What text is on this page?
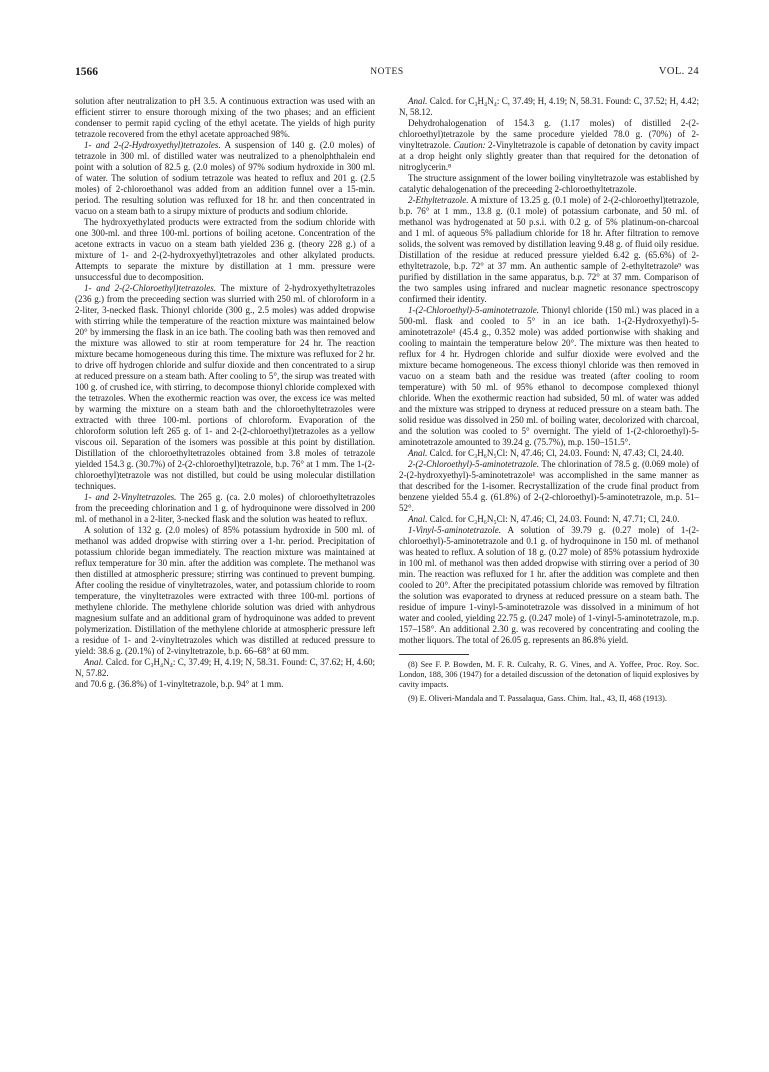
1566	NOTES	VOL. 24

solution after neutralization to pH 3.5. A continuous extraction was used with an efficient stirrer to ensure thorough mixing of the two phases; and an efficient condenser to permit rapid cycling of the ethyl acetate. The yields of high purity tetrazole recovered from the ethyl acetate approached 98%.

1- and 2-(2-Hydroxyethyl)tetrazoles. A suspension of 140 g. (2.0 moles) of tetrazole in 300 ml. of distilled water was neutralized to a phenolphthalein end point with a solution of 82.5 g. (2.0 moles) of 97% sodium hydroxide in 300 ml. of water. The solution of sodium tetrazole was heated to reflux and 201 g. (2.5 moles) of 2-chloroethanol was added from an addition funnel over a 15-min. period. The resulting solution was refluxed for 18 hr. and then concentrated in vacuo on a steam bath to a sirupy mixture of products and sodium chloride.

The hydroxyethylated products were extracted from the sodium chloride with one 300-ml. and three 100-ml. portions of boiling acetone. Concentration of the acetone extracts in vacuo on a steam bath yielded 236 g. (theory 228 g.) of a mixture of 1- and 2-(2-hydroxyethyl)tetrazoles and other alkylated products. Attempts to separate the mixture by distillation at 1 mm. pressure were unsuccessful due to decomposition.

1- and 2-(2-Chloroethyl)tetrazoles. The mixture of 2-hydroxyethyltetrazoles (236 g.) from the preceeding section was slurried with 250 ml. of chloroform in a 2-liter, 3-necked flask. Thionyl chloride (300 g., 2.5 moles) was added dropwise with stirring while the temperature of the reaction mixture was maintained below 20° by immersing the flask in an ice bath. The cooling bath was then removed and the mixture was allowed to stir at room temperature for 24 hr. The reaction mixture became homogeneous during this time. The mixture was refluxed for 2 hr. to drive off hydrogen chloride and sulfur dioxide and then concentrated to a sirup at reduced pressure on a steam bath. After cooling to 5°, the sirup was treated with 100 g. of crushed ice, with stirring, to decompose thionyl chloride complexed with the tetrazoles. When the exothermic reaction was over, the excess ice was melted by warming the mixture on a steam bath and the chloroethyltetrazoles were extracted with three 100-ml. portions of chloroform. Evaporation of the chloroform solution left 265 g. of 1- and 2-(2-chloroethyl)tetrazoles as a yellow viscous oil. Separation of the isomers was possible at this point by distillation. Distillation of the chloroethyltetrazoles obtained from 3.8 moles of tetrazole yielded 154.3 g. (30.7%) of 2-(2-chloroethyl)tetrazole, b.p. 76° at 1 mm. The 1-(2-chloroethyl)tetrazole was not distilled, but could be using molecular distillation techniques.

1- and 2-Vinyltetrazoles. The 265 g. (ca. 2.0 moles) of chloroethyltetrazoles from the preceeding chlorination and 1 g. of hydroquinone were dissolved in 200 ml. of methanol in a 2-liter, 3-necked flask and the solution was heated to reflux.

A solution of 132 g. (2.0 moles) of 85% potassium hydroxide in 500 ml. of methanol was added dropwise with stirring over a 1-hr. period. Precipitation of potassium chloride began immediately. The reaction mixture was maintained at reflux temperature for 30 min. after the addition was complete. The methanol was then distilled at atmospheric pressure; stirring was continued to prevent bumping. After cooling the residue of vinyltetrazoles, water, and potassium chloride to room temperature, the vinyltetrazoles were extracted with three 100-ml. portions of methylene chloride. The methylene chloride solution was dried with anhydrous magnesium sulfate and an additional gram of hydroquinone was added to prevent polymerization. Distillation of the methylene chloride at atmospheric pressure left a residue of 1- and 2-vinyltetrazoles which was distilled at reduced pressure to yield: 38.6 g. (20.1%) of 2-vinyltetrazole, b.p. 66–68° at 60 mm.

Anal. Calcd. for C₃H₄N₄: C, 37.49; H, 4.19; N, 58.31. Found: C, 37.62; H, 4.60; N, 57.82.

and 70.6 g. (36.8%) of 1-vinyltetrazole, b.p. 94° at 1 mm.

Anal. Calcd. for C₃H₄N₄: C, 37.49; H, 4.19; N, 58.31. Found: C, 37.52; H, 4.42; N, 58.12.

Dehydrohalogenation of 154.3 g. (1.17 moles) of distilled 2-(2-chloroethyl)tetrazole by the same procedure yielded 78.0 g. (70%) of 2-vinyltetrazole. Caution: 2-Vinyltetrazole is capable of detonation by cavity impact at a drop height only slightly greater than that required for the detonation of nitroglycerin.⁸

The structure assignment of the lower boiling vinyltetrazole was established by catalytic dehalogenation of the preceeding 2-chloroethyltetrazole.

2-Ethyltetrazole. A mixture of 13.25 g. (0.1 mole) of 2-(2-chloroethyl)tetrazole, b.p. 76° at 1 mm., 13.8 g. (0.1 mole) of potassium carbonate, and 50 ml. of methanol was hydrogenated at 50 p.s.i. with 0.2 g. of 5% platinum-on-charcoal and 1 ml. of aqueous 5% palladium chloride for 18 hr. After filtration to remove solids, the solvent was removed by distillation leaving 9.48 g. of fluid oily residue. Distillation of the residue at reduced pressure yielded 6.42 g. (65.6%) of 2-ethyltetrazole, b.p. 72° at 37 mm. An authentic sample of 2-ethyltetrazole⁹ was purified by distillation in the same apparatus, b.p. 72° at 37 mm. Comparison of the two samples using infrared and nuclear magnetic resonance spectroscopy confirmed their identity.

1-(2-Chloroethyl)-5-aminotetrazole. Thionyl chloride (150 ml.) was placed in a 500-ml. flask and cooled to 5° in an ice bath. 1-(2-Hydroxyethyl)-5-aminotetrazole¹ (45.4 g., 0.352 mole) was added portionwise with shaking and cooling to maintain the temperature below 20°. The mixture was then heated to reflux for 4 hr. Hydrogen chloride and sulfur dioxide were evolved and the mixture became homogeneous. The excess thionyl chloride was then removed in vacuo on a steam bath and the residue was treated (after cooling to room temperature) with 50 ml. of 95% ethanol to decompose complexed thionyl chloride. When the exothermic reaction had subsided, 50 ml. of water was added and the mixture was stripped to dryness at reduced pressure on a steam bath. The solid residue was dissolved in 250 ml. of boiling water, decolorized with charcoal, and the solution was cooled to 5° overnight. The yield of 1-(2-chloroethyl)-5-aminotetrazole amounted to 39.24 g. (75.7%), m.p. 150–151.5°.

Anal. Calcd. for C₃H₆N₅Cl: N, 47.46; Cl, 24.03. Found: N, 47.43; Cl, 24.40.

2-(2-Chloroethyl)-5-aminotetrazole. The chlorination of 78.5 g. (0.069 mole) of 2-(2-hydroxyethyl)-5-aminotetrazole¹ was accomplished in the same manner as that described for the 1-isomer. Recrystallization of the crude final product from benzene yielded 55.4 g. (61.8%) of 2-(2-chloroethyl)-5-aminotetrazole, m.p. 51–52°.

Anal. Calcd. for C₃H₆N₅Cl: N, 47.46; Cl, 24.03. Found: N, 47.71; Cl, 24.0.

1-Vinyl-5-aminotetrazole. A solution of 39.79 g. (0.27 mole) of 1-(2-chloroethyl)-5-aminotetrazole and 0.1 g. of hydroquinone in 150 ml. of methanol was heated to reflux. A solution of 18 g. (0.27 mole) of 85% potassium hydroxide in 100 ml. of methanol was then added dropwise with stirring over a period of 30 min. The reaction was refluxed for 1 hr. after the addition was complete and then cooled to 20°. After the precipitated potassium chloride was removed by filtration the solution was evaporated to dryness at reduced pressure on a steam bath. The residue of impure 1-vinyl-5-aminotetrazole was dissolved in a minimum of hot water and cooled, yielding 22.75 g. (0.247 mole) of 1-vinyl-5-aminotetrazole, m.p. 157–158°. An additional 2.30 g. was recovered by concentrating and cooling the mother liquors. The total of 26.05 g. represents an 86.8% yield.

(8) See F. P. Bowden, M. F. R. Culcahy, R. G. Vines, and A. Yoffee, Proc. Roy. Soc. London, 188, 306 (1947) for a detailed discussion of the detonation of liquid explosives by cavity impacts.

(9) E. Oliveri-Mandala and T. Passalaqua, Gass. Chim. Ital., 43, II, 468 (1913).
